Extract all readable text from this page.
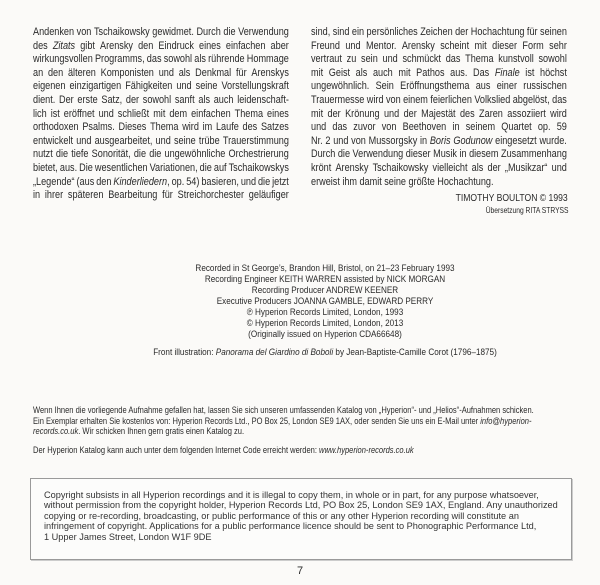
Andenken von Tschaikowsky gewidmet. Durch die Verwendung
des Zitats gibt Arensky den Eindruck eines einfachen aber
wirkungsvollen Programms, das sowohl als rührende Hommage
an den älteren Komponisten und als Denkmal für Arenskys
eigenen einzigartigen Fähigkeiten und seine Vorstellungskraft
dient. Der erste Satz, der sowohl sanft als auch leidenschaft-
lich ist eröffnet und schließt mit dem einfachen Thema eines
orthodoxen Psalms. Dieses Thema wird im Laufe des Satzes
entwickelt und ausgearbeitet, und seine trübe Trauerstimmung
nutzt die tiefe Sonorität, die die ungewöhnliche Orchestrierung
bietet, aus. Die wesentlichen Variationen, die auf Tschaikowskys
„Legende“ (aus den Kinderliedern, op. 54) basieren, und die jetzt
in ihrer späteren Bearbeitung für Streichorchester geläufiger
sind, sind ein persönliches Zeichen der Hochachtung für seinen
Freund und Mentor. Arensky scheint mit dieser Form sehr
vertraut zu sein und schmückt das Thema kunstvoll sowohl
mit Geist als auch mit Pathos aus. Das Finale ist höchst
ungewöhnlich. Sein Eröffnungsthema aus einer russischen
Trauermesse wird von einem feierlichen Volkslied abgelöst, das
mit der Krönung und der Majestät des Zaren assoziiert wird
und das zuvor von Beethoven in seinem Quartet op. 59
Nr. 2 und von Mussorgsky in Boris Godunow eingesetzt wurde.
Durch die Verwendung dieser Musik in diesem Zusammenhang
krönt Arensky Tschaikowsky vielleicht als der „Musikzar“ und
erweist ihm damit seine größte Hochachtung.
TIMOTHY BOULTON © 1993
Übersetzung RITA STRYSS
Recorded in St George’s, Brandon Hill, Bristol, on 21–23 February 1993
Recording Engineer KEITH WARREN assisted by NICK MORGAN
Recording Producer ANDREW KEENER
Executive Producers JOANNA GAMBLE, EDWARD PERRY
℗ Hyperion Records Limited, London, 1993
© Hyperion Records Limited, London, 2013
(Originally issued on Hyperion CDA66648)
Front illustration: Panorama del Giardino di Boboli by Jean-Baptiste-Camille Corot (1796–1875)
Wenn Ihnen die vorliegende Aufnahme gefallen hat, lassen Sie sich unseren umfassenden Katalog von „Hyperion“- und „Helios“-Aufnahmen schicken.
Ein Exemplar erhalten Sie kostenlos von: Hyperion Records Ltd., PO Box 25, London SE9 1AX, oder senden Sie uns ein E-Mail unter info@hyperion-
records.co.uk. Wir schicken Ihnen gern gratis einen Katalog zu.
Der Hyperion Katalog kann auch unter dem folgenden Internet Code erreicht werden: www.hyperion-records.co.uk
Copyright subsists in all Hyperion recordings and it is illegal to copy them, in whole or in part, for any purpose whatsoever,
without permission from the copyright holder, Hyperion Records Ltd, PO Box 25, London SE9 1AX, England. Any unauthorized
copying or re-recording, broadcasting, or public performance of this or any other Hyperion recording will constitute an
infringement of copyright. Applications for a public performance licence should be sent to Phonographic Performance Ltd,
1 Upper James Street, London W1F 9DE
7
